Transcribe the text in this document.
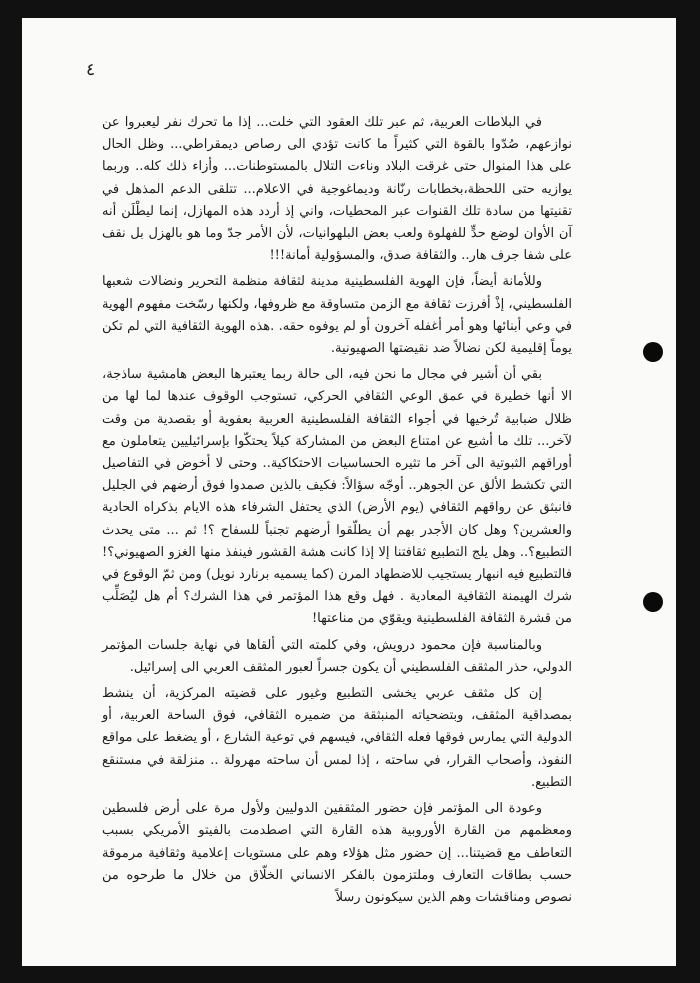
٤

في البلاطات العربية، ثم عبر تلك العقود التي خلت... إذا ما تحرك نفر ليعبروا عن نوازعهم، صُدّوا بالقوة التي كثيراً ما كانت تؤدي الى رصاص ديمقراطي... وظل الحال على هذا المنوال حتى غرقت البلاد وناءت التلال بالمستوطنات... وأزاء ذلك كله.. وربما يوازيه حتى اللحظة،بخطابات رنّانة وديماغوجية في الاعلام... تتلقى الدعم المذهل في تقنيتها من سادة تلك القنوات عبر المحطيات، واني إذ أردد هذه المهازل، إنما ليطْلَن أنه آن الأوان لوضع حدٍّ للفهلوة ولعب بعض البلهوانيات، لأن الأمر جدّ وما هو بالهزل بل نقف على شفا جرف هار.. والثقافة صدق، والمسؤولية أمانة!!!

وللأمانة أيضاً، فإن الهوية الفلسطينية مدينة لثقافة منظمة التحرير ونضالات شعبها الفلسطيني، إذْ أفرزت ثقافة مع الزمن متساوقة مع ظروفها، ولكنها رسّخت مفهوم الهوية في وعي أبنائها وهو أمر أغفله آخرون أو لم يوفوه حقه. .هذه الهوية الثقافية التي لم تكن يوماً إقليمية لكن نضالاً ضد نقيضتها الصهيونية.

بقي أن أشير في مجال ما نحن فيه، الى حالة ربما يعتبرها البعض هامشية ساذجة، الا أنها خطيرة في عمق الوعي الثقافي الحركي، تستوجب الوقوف عندها لما لها من ظلال ضبابية تُرخيها في أجواء الثقافة الفلسطينية العربية بعفوية أو بقصدية من وقت لآخر... تلك ما أشيع عن امتناع البعض من المشاركة كيلاً يحتكّوا بإسرائيليين يتعاملون مع أوراقهم الثبوتية الى آخر ما تثيره الحساسيات الاحتكاكية.. وحتى لا أخوض في التفاصيل التي تكشط الألق عن الجوهر.. أوجّه سؤالاً: فكيف بالذين صمدوا فوق أرضهم في الجليل فانبثق عن رواقهم الثقافي (يوم الأرض) الذي يحتفل الشرفاء هذه الايام بذكراه الحادية والعشرين؟ وهل كان الأجدر بهم أن يطلّقوا أرضهم تجنباً للسفاح ؟! ثم ... متى يحدث التطبيع؟.. وهل يلج التطبيع ثقافتنا إلا إذا كانت هشة القشور فينفذ منها الغزو الصهيوني؟! فالتطبيع فيه انبهار يستجيب للاضطهاد المرن (كما يسميه برنارد نويل) ومن ثمّ الوقوع في شرك الهيمنة الثقافية المعادية . فهل وقع هذا المؤتمر في هذا الشرك؟ أم هل ليُصَلِّب من قشرة الثقافة الفلسطينية ويقوّي من مناعتها!

وبالمناسبة فإن محمود درويش، وفي كلمته التي ألقاها في نهاية جلسات المؤتمر الدولي، حذر المثقف الفلسطيني أن يكون جسراً لعبور المثقف العربي الى إسرائيل.

إن كل مثقف عربي يخشى التطبيع وغيور على قضيته المركزية، أن ينشط بمصداقية المثقف، وبتضحياته المنبثقة من ضميره الثقافي، فوق الساحة العربية، أو الدولية التي يمارس فوقها فعله الثقافي، فيسهم في توعية الشارع ، أو يضغط على مواقع النفوذ، وأصحاب القرار، في ساحته ، إذا لمس أن ساحته مهرولة .. منزلقة في مستنقع التطبيع.

وعودة الى المؤتمر فإن حضور المثقفين الدوليين ولأول مرة على أرض فلسطين ومعظمهم من القارة الأوروبية هذه القارة التي اصطدمت بالفيتو الأمريكي بسبب التعاطف مع قضيتنا... إن حضور مثل هؤلاء وهم على مستويات إعلامية وثقافية مرموقة حسب بطاقات التعارف وملتزمون بالفكر الانساني الخلّاق من خلال ما طرحوه من نصوص ومناقشات وهم الذين سيكونون رسلاً
